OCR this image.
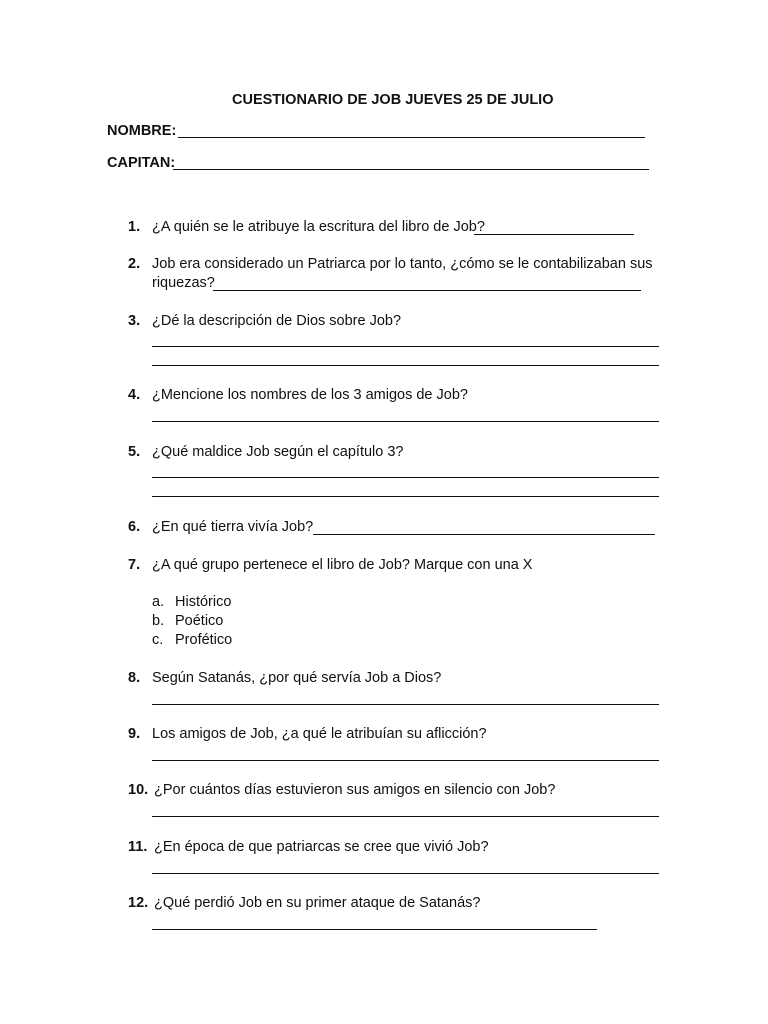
CUESTIONARIO DE JOB JUEVES 25 DE JULIO
NOMBRE:
CAPITAN:
1. ¿A quién se le atribuye la escritura del libro de Job?
2. Job era considerado un Patriarca por lo tanto, ¿cómo se le contabilizaban sus
riquezas?
3. ¿Dé la descripción de Dios sobre Job?
4. ¿Mencione los nombres de los 3 amigos de Job?
5. ¿Qué maldice Job según el capítulo 3?
6. ¿En qué tierra vivía Job?
7. ¿A qué grupo pertenece el libro de Job? Marque con una X
a. Histórico
b. Poético
c. Profético
8. Según Satanás, ¿por qué servía Job a Dios?
9. Los amigos de Job, ¿a qué le atribuían su aflicción?
10. ¿Por cuántos días estuvieron sus amigos en silencio con Job?
11. ¿En época de que patriarcas se cree que vivió Job?
12. ¿Qué perdió Job en su primer ataque de Satanás?
